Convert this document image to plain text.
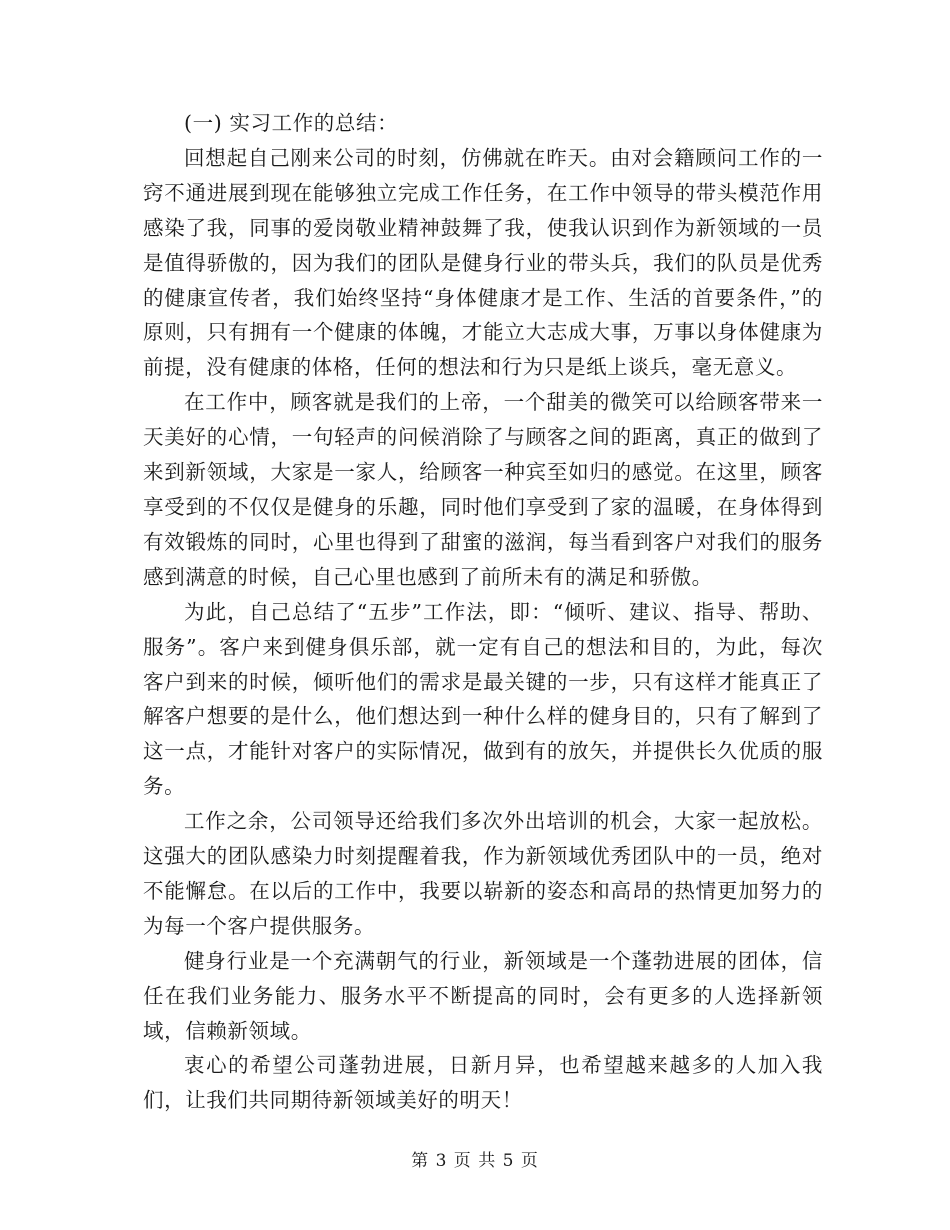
(一) 实习工作的总结：

回想起自己刚来公司的时刻，仿佛就在昨天。由对会籍顾问工作的一窍不通进展到现在能够独立完成工作任务，在工作中领导的带头模范作用感染了我，同事的爱岗敬业精神鼓舞了我，使我认识到作为新领域的一员是值得骄傲的，因为我们的团队是健身行业的带头兵，我们的队员是优秀的健康宣传者，我们始终坚持“身体健康才是工作、生活的首要条件，”的原则，只有拥有一个健康的体魄，才能立大志成大事，万事以身体健康为前提，没有健康的体格，任何的想法和行为只是纸上谈兵，毫无意义。

在工作中，顾客就是我们的上帝，一个甜美的微笑可以给顾客带来一天美好的心情，一句轻声的问候消除了与顾客之间的距离，真正的做到了来到新领域，大家是一家人，给顾客一种宾至如归的感觉。在这里，顾客享受到的不仅仅是健身的乐趣，同时他们享受到了家的温暖，在身体得到有效锻炼的同时，心里也得到了甜蜜的滋润，每当看到客户对我们的服务感到满意的时候，自己心里也感到了前所未有的满足和骄傲。

为此，自己总结了“五步”工作法，即：“倾听、建议、指导、帮助、服务”。客户来到健身俱乐部，就一定有自己的想法和目的，为此，每次客户到来的时候，倾听他们的需求是最关键的一步，只有这样才能真正了解客户想要的是什么，他们想达到一种什么样的健身目的，只有了解到了这一点，才能针对客户的实际情况，做到有的放矢，并提供长久优质的服务。

工作之余，公司领导还给我们多次外出培训的机会，大家一起放松。这强大的团队感染力时刻提醒着我，作为新领域优秀团队中的一员，绝对不能懈怠。在以后的工作中，我要以崭新的姿态和高昂的热情更加努力的为每一个客户提供服务。

健身行业是一个充满朝气的行业，新领域是一个蓬勃进展的团体，信任在我们业务能力、服务水平不断提高的同时，会有更多的人选择新领域，信赖新领域。

衷心的希望公司蓬勃进展，日新月异，也希望越来越多的人加入我们，让我们共同期待新领域美好的明天！

第 3 页 共 5 页
